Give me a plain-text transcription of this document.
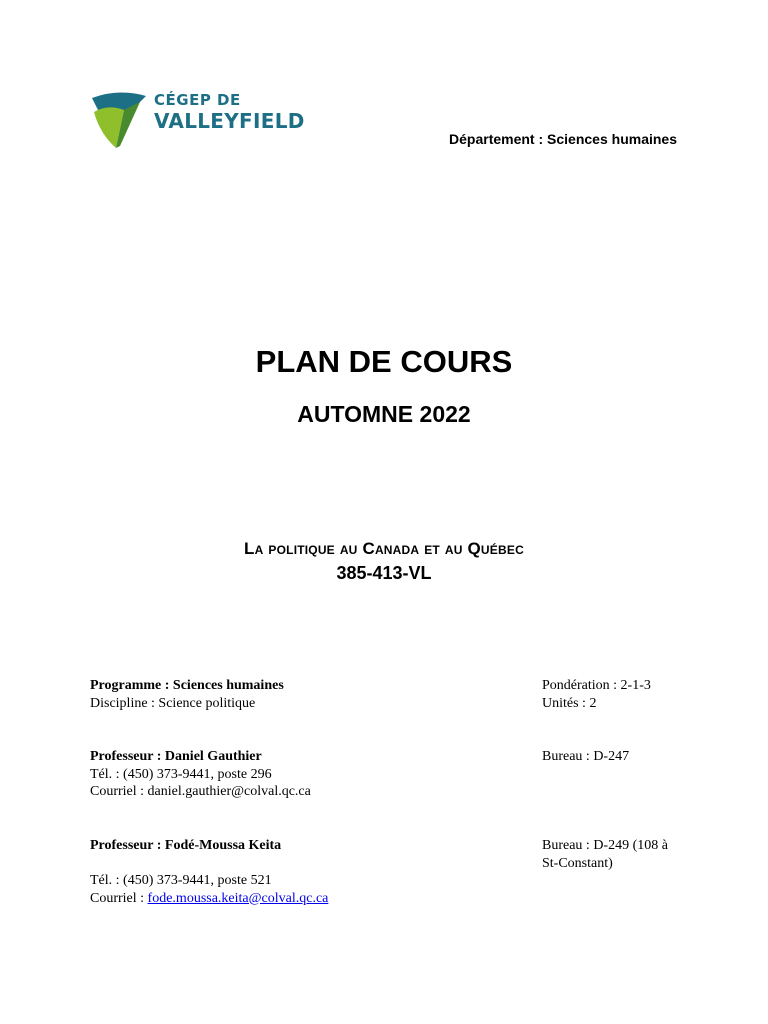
CÉGEP DE
VALLEYFIELD
Département : Sciences humaines
PLAN DE COURS
AUTOMNE 2022
La politique au Canada et au Québec
385-413-VL
Programme : Sciences humaines
Discipline : Science politique
Pondération : 2-1-3
Unités : 2
Professeur : Daniel Gauthier
Tél. : (450) 373-9441, poste 296
Courriel : daniel.gauthier@colval.qc.ca
Bureau : D-247
Professeur : Fodé-Moussa Keita
Tél. : (450) 373-9441, poste 521
Courriel : fode.moussa.keita@colval.qc.ca
Bureau : D-249 (108 à
St-Constant)
